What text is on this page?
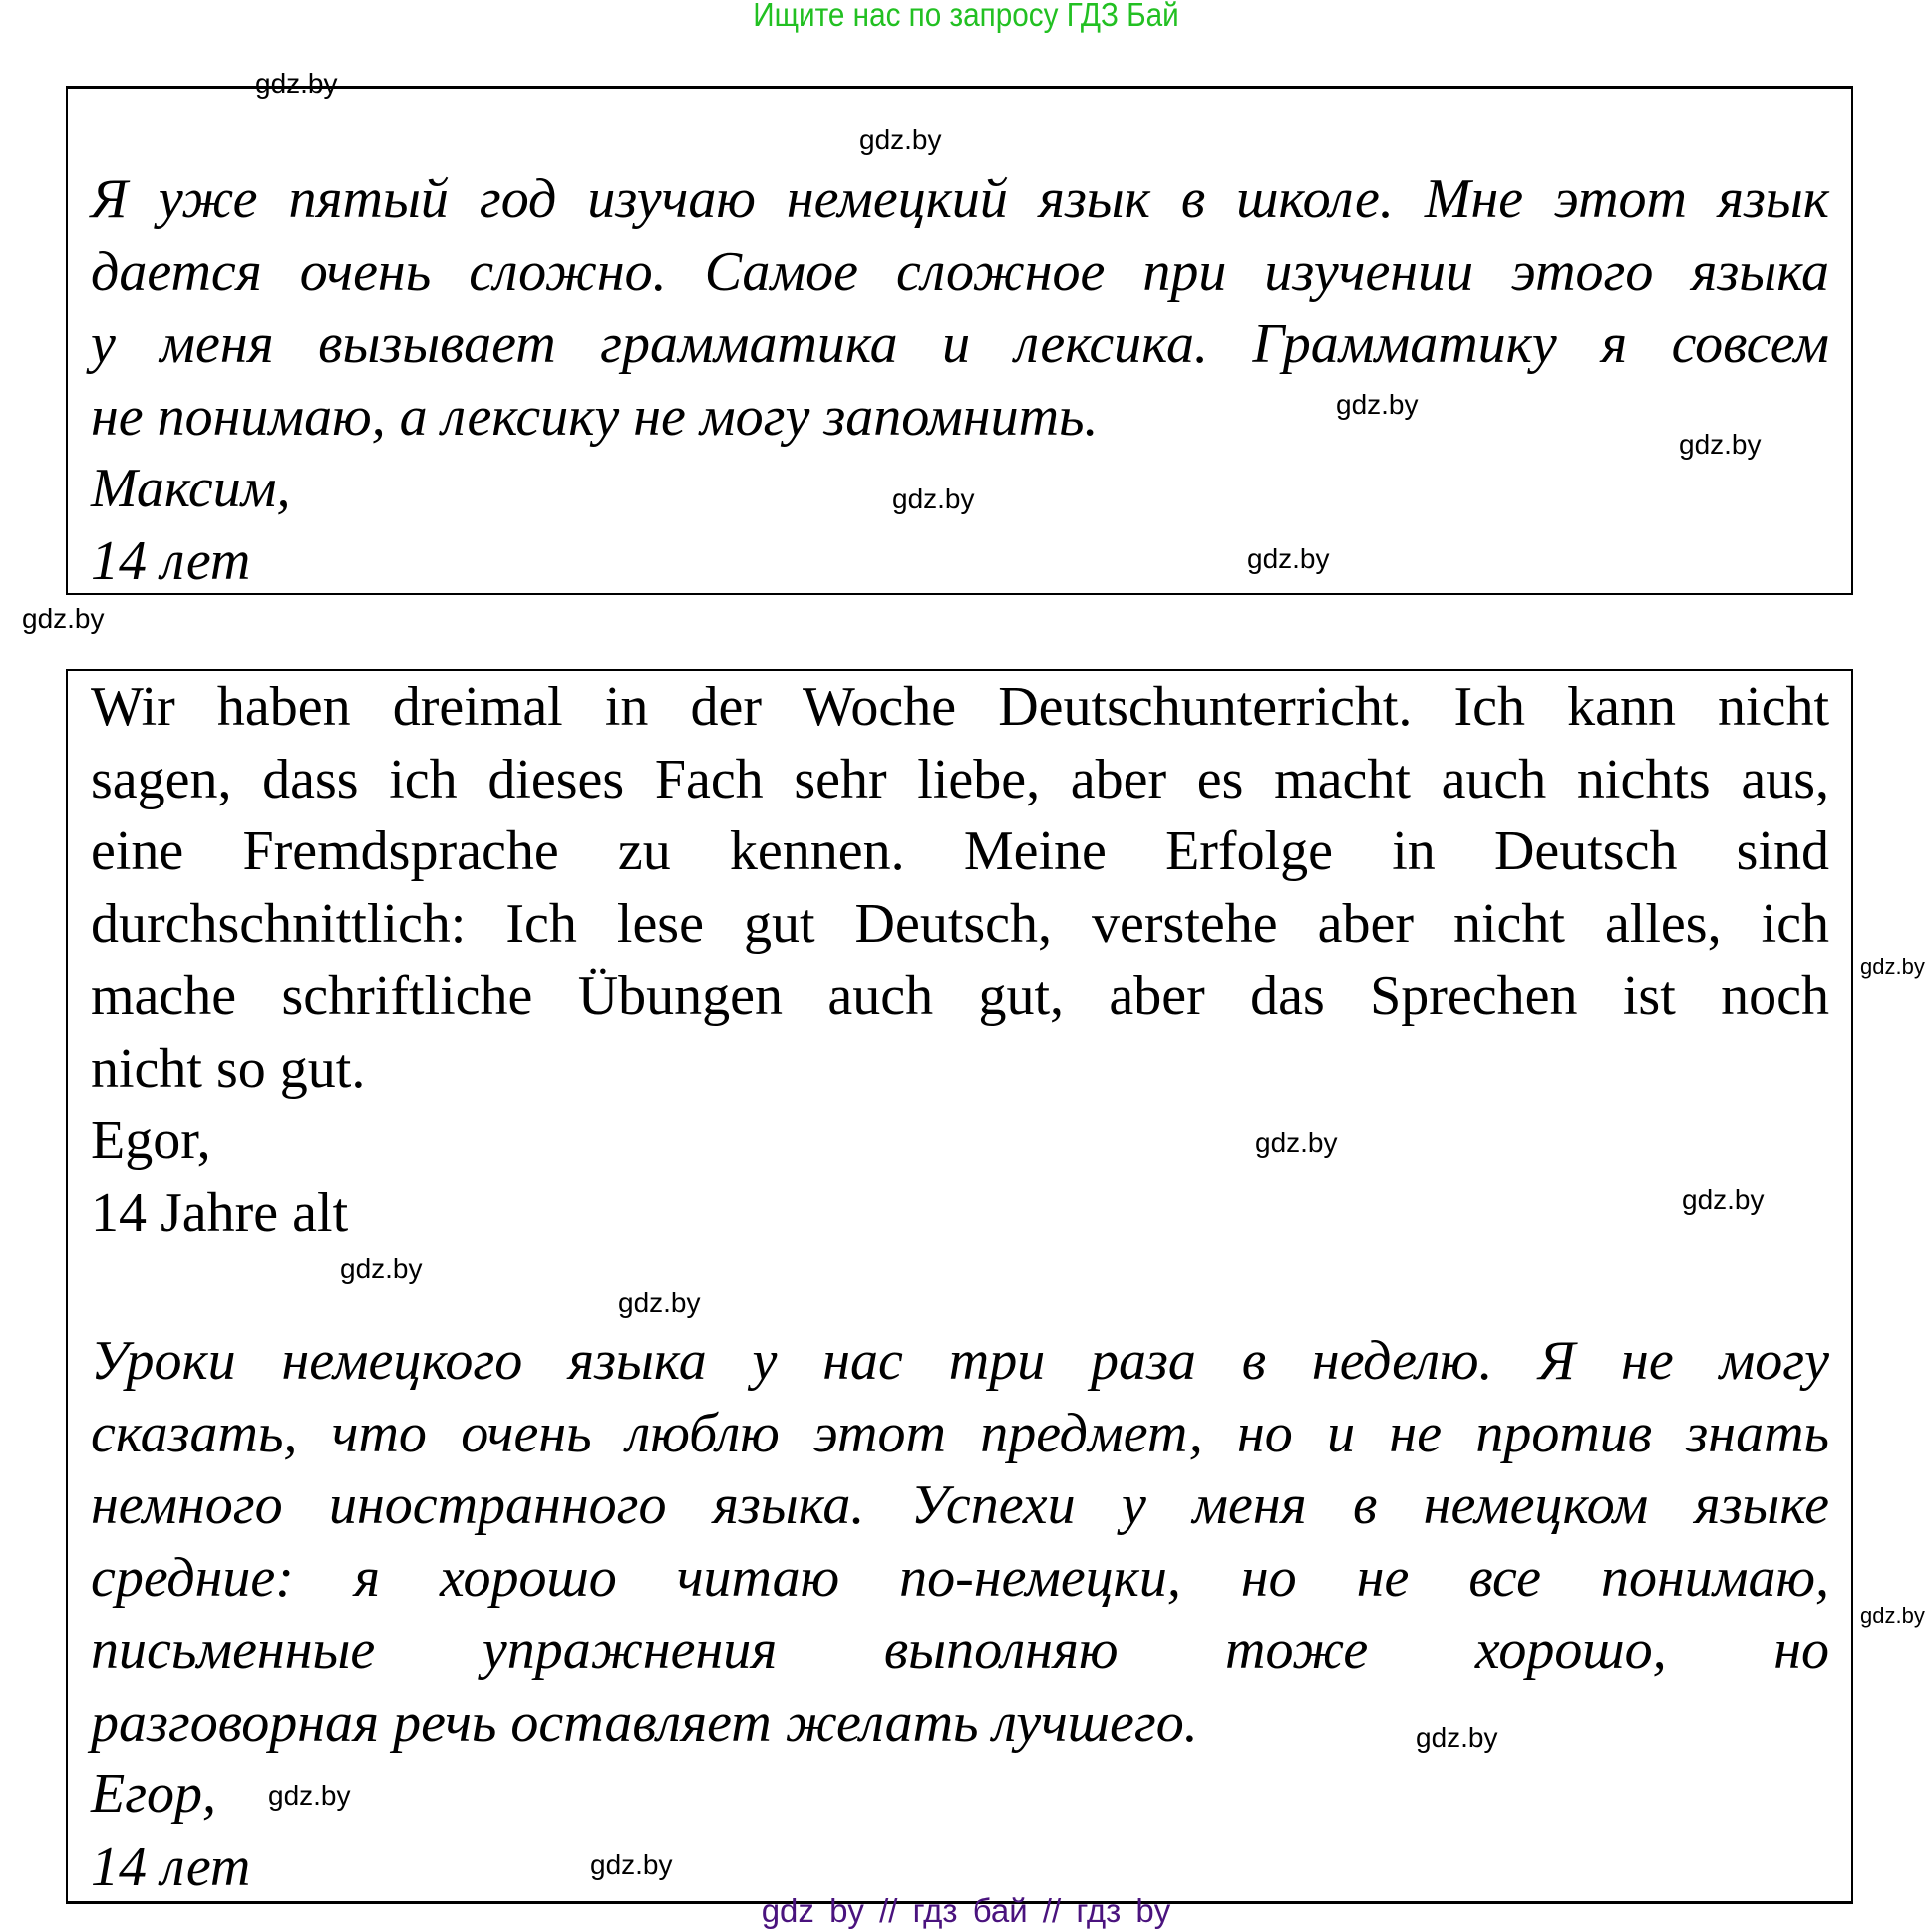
Ищите нас по запросу ГДЗ Бай
Я уже пятый год изучаю немецкий язык в школе. Мне этот язык
дается очень сложно. Самое сложное при изучении этого языка
у меня вызывает грамматика и лексика. Грамматику я совсем
не понимаю, а лексику не могу запомнить.
Максим,
14 лет
Wir haben dreimal in der Woche Deutschunterricht. Ich kann nicht
sagen, dass ich dieses Fach sehr liebe, aber es macht auch nichts aus,
eine Fremdsprache zu kennen. Meine Erfolge in Deutsch sind
durchschnittlich: Ich lese gut Deutsch, verstehe aber nicht alles, ich
mache schriftliche Übungen auch gut, aber das Sprechen ist noch
nicht so gut.
Egor,
14 Jahre alt
Уроки немецкого языка у нас три раза в неделю. Я не могу
сказать, что очень люблю этот предмет, но и не против знать
немного иностранного языка. Успехи у меня в немецком языке
средние: я хорошо читаю по-немецки, но не все понимаю,
письменные упражнения выполняю тоже хорошо, но
разговорная речь оставляет желать лучшего.
Егор,
14 лет
gdz.by
gdz.by
gdz.by
gdz.by
gdz.by
gdz.by
gdz.by
gdz.by
gdz.by
gdz.by
gdz.by
gdz.by
gdz.by
gdz.by
gdz.by
gdz.by
gdz by // гдз бай // гдз by
